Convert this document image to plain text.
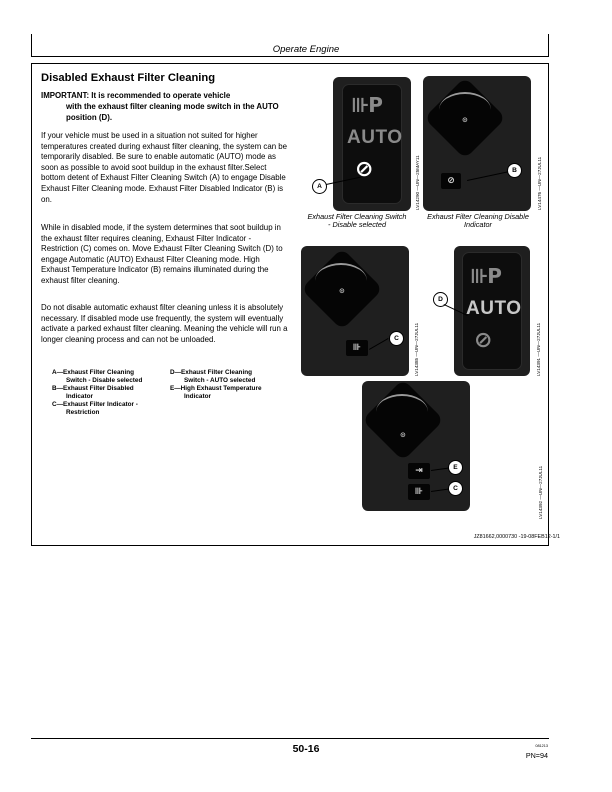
Operate Engine
Disabled Exhaust Filter Cleaning
IMPORTANT: It is recommended to operate vehicle
with the exhaust filter cleaning mode switch in the AUTO position (D).
If your vehicle must be used in a situation not suited for higher temperatures created during exhaust filter cleaning, the system can be temporarily disabled. Be sure to enable automatic (AUTO) mode as soon as possible to avoid soot buildup in the exhaust filter.Select bottom detent of Exhaust Filter Cleaning Switch (A) to engage Disable Exhaust Filter Cleaning mode. Exhaust Filter Disabled Indicator (B) is on.
While in disabled mode, if the system determines that soot buildup in the exhaust filter requires cleaning, Exhaust Filter Indicator - Restriction (C) comes on. Move Exhaust Filter Cleaning Switch (D) to engage Automatic (AUTO) Exhaust Filter Cleaning mode. High Exhaust Temperature Indicator (B) remains illuminated during the exhaust filter cleaning.
Do not disable automatic exhaust filter cleaning unless it is absolutely necessary. If disabled mode use frequently, the system will eventually activate a parked exhaust filter cleaning. Meaning the vehicle will run a longer cleaning process and can not be unloaded.
A—Exhaust Filter Cleaning

Switch - Disable selected
B—Exhaust Filter Disabled

Indicator
C—Exhaust Filter Indicator -

Restriction
D—Exhaust Filter Cleaning

Switch - AUTO selected
E—High Exhaust Temperature

Indicator
⊪P
AUTO
⊘
A	LV14290 —UN—25MAY11
Exhaust Filter Cleaning Switch
- Disable selected
⊙
⊘
B	LV14476 —UN—27JUL11
Exhaust Filter Cleaning Disable
Indicator
⊙
⊪
C	LV14385 —UN—27JUL11
⊪P
AUTO
⊘
D
LV14391 —UN—27JUL11
⊙
⇥
⊪
E
C	LV14392 —UN—27JUL11
JZ81662,0000730 -19-08FEB12-1/1
50-16	081213
PN=94
